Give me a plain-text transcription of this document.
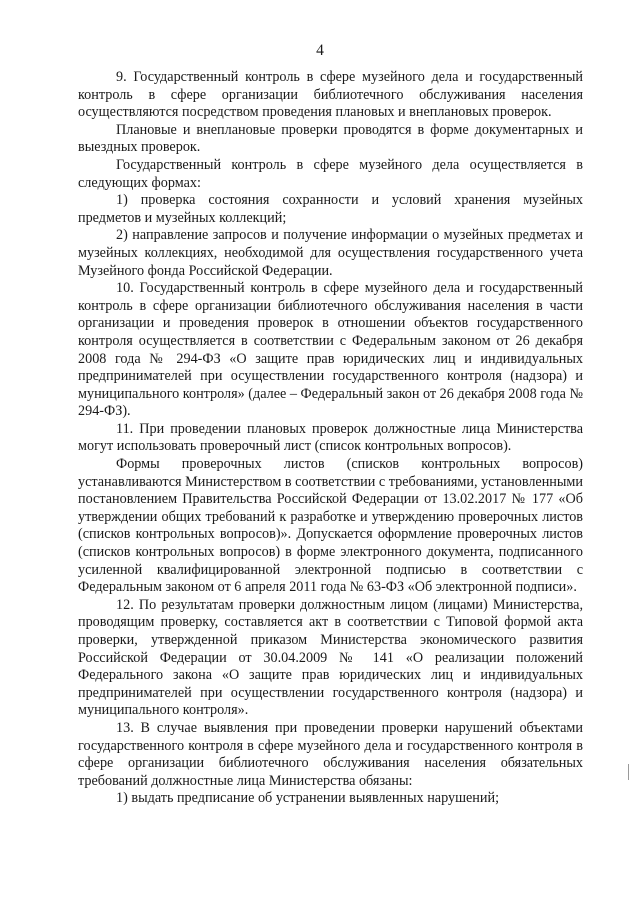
4

9. Государственный контроль в сфере музейного дела и государственный контроль в сфере организации библиотечного обслуживания населения осуществляются посредством проведения плановых и внеплановых проверок.

Плановые и внеплановые проверки проводятся в форме документарных и выездных проверок.

Государственный контроль в сфере музейного дела осуществляется в следующих формах:

1) проверка состояния сохранности и условий хранения музейных предметов и музейных коллекций;

2) направление запросов и получение информации о музейных предметах и музейных коллекциях, необходимой для осуществления государственного учета Музейного фонда Российской Федерации.

10. Государственный контроль в сфере музейного дела и государственный контроль в сфере организации библиотечного обслуживания населения в части организации и проведения проверок в отношении объектов государственного контроля осуществляется в соответствии с Федеральным законом от 26 декабря 2008 года № 294-ФЗ «О защите прав юридических лиц и индивидуальных предпринимателей при осуществлении государственного контроля (надзора) и муниципального контроля» (далее – Федеральный закон от 26 декабря 2008 года № 294-ФЗ).

11. При проведении плановых проверок должностные лица Министерства могут использовать проверочный лист (список контрольных вопросов).

Формы проверочных листов (списков контрольных вопросов) устанавливаются Министерством в соответствии с требованиями, установленными постановлением Правительства Российской Федерации от 13.02.2017 № 177 «Об утверждении общих требований к разработке и утверждению проверочных листов (списков контрольных вопросов)». Допускается оформление проверочных листов (списков контрольных вопросов) в форме электронного документа, подписанного усиленной квалифицированной электронной подписью в соответствии с Федеральным законом от 6 апреля 2011 года № 63-ФЗ «Об электронной подписи».

12. По результатам проверки должностным лицом (лицами) Министерства, проводящим проверку, составляется акт в соответствии с Типовой формой акта проверки, утвержденной приказом Министерства экономического развития Российской Федерации от 30.04.2009 № 141 «О реализации положений Федерального закона «О защите прав юридических лиц и индивидуальных предпринимателей при осуществлении государственного контроля (надзора) и муниципального контроля».

13. В случае выявления при проведении проверки нарушений объектами государственного контроля в сфере музейного дела и государственного контроля в сфере организации библиотечного обслуживания населения обязательных требований должностные лица Министерства обязаны:

1) выдать предписание об устранении выявленных нарушений;
